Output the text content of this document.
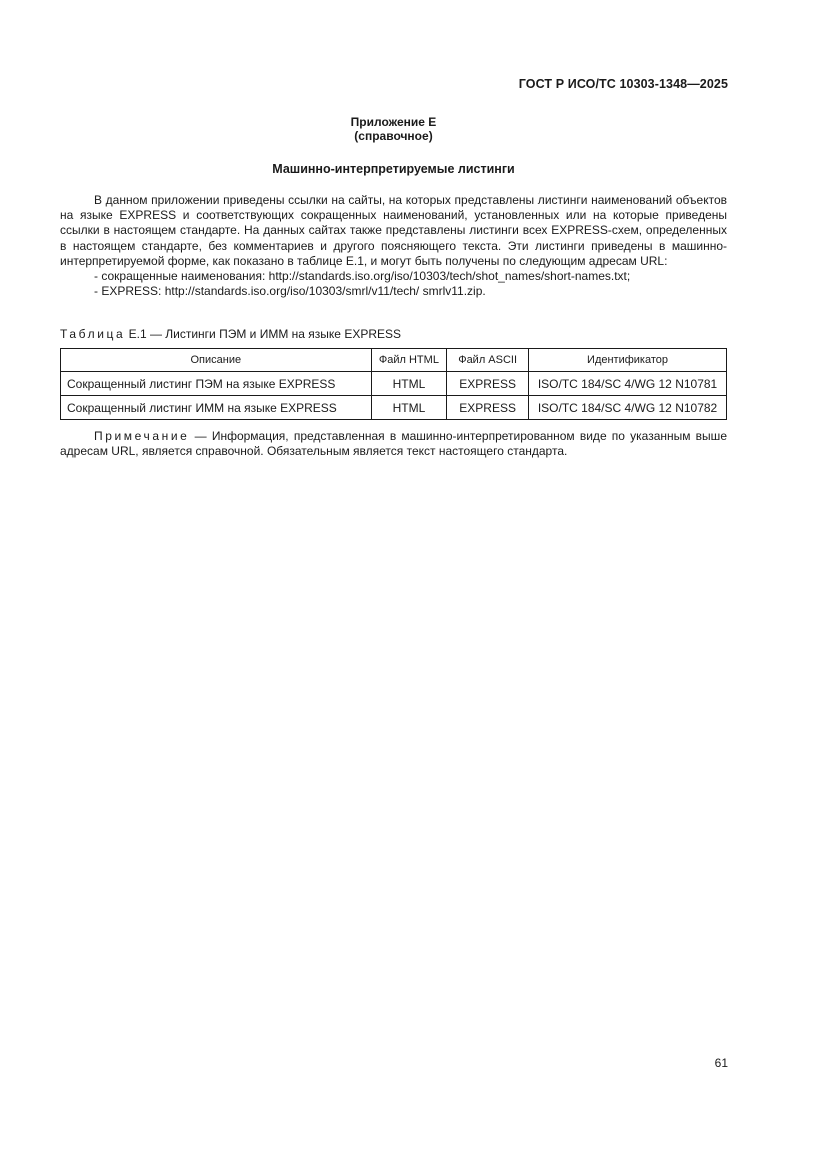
ГОСТ Р ИСО/ТС 10303-1348—2025
Приложение Е
(справочное)
Машинно-интерпретируемые листинги

В данном приложении приведены ссылки на сайты, на которых представлены листинги наименований объектов на языке EXPRESS и соответствующих сокращенных наименований, установленных или на которые приведены ссылки в настоящем стандарте. На данных сайтах также представлены листинги всех EXPRESS-схем, определенных в настоящем стандарте, без комментариев и другого поясняющего текста. Эти листинги приведены в машинно-интерпретируемой форме, как показано в таблице Е.1, и могут быть получены по следующим адресам URL:

- сокращенные наименования: http://standards.iso.org/iso/10303/tech/shot_names/short-names.txt;

- EXPRESS: http://standards.iso.org/iso/10303/smrl/v11/tech/ smrlv11.zip.

Таблица Е.1 — Листинги ПЭМ и ИММ на языке EXPRESS
Описание	Файл HTML	Файл ASCII	Идентификатор
Сокращенный листинг ПЭМ на языке EXPRESS	HTML	EXPRESS	ISO/TC 184/SC 4/WG 12 N10781
Сокращенный листинг ИММ на языке EXPRESS	HTML	EXPRESS	ISO/TC 184/SC 4/WG 12 N10782
Примечание — Информация, представленная в машинно-интерпретированном виде по указанным выше адресам URL, является справочной. Обязательным является текст настоящего стандарта.
61
